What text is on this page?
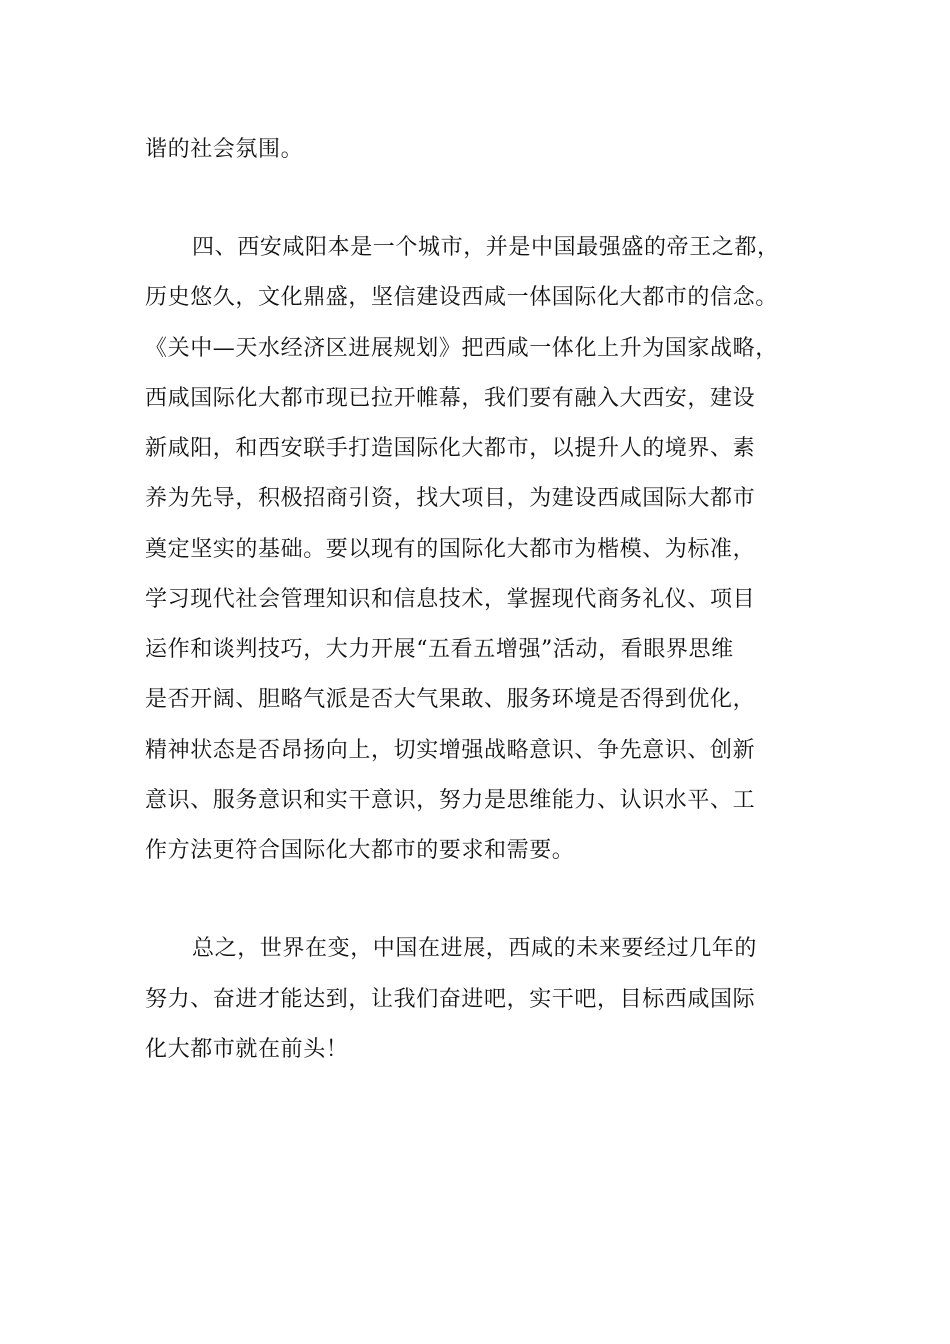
谐的社会氛围。
四、西安咸阳本是一个城市，并是中国最强盛的帝王之都，
历史悠久，文化鼎盛，坚信建设西咸一体国际化大都市的信念。
《关中—天水经济区进展规划》把西咸一体化上升为国家战略，
西咸国际化大都市现已拉开帷幕，我们要有融入大西安，建设
新咸阳，和西安联手打造国际化大都市，以提升人的境界、素
养为先导，积极招商引资，找大项目，为建设西咸国际大都市
奠定坚实的基础。要以现有的国际化大都市为楷模、为标准，
学习现代社会管理知识和信息技术，掌握现代商务礼仪、项目
运作和谈判技巧，大力开展“五看五增强”活动，看眼界思维
是否开阔、胆略气派是否大气果敢、服务环境是否得到优化，
精神状态是否昂扬向上，切实增强战略意识、争先意识、创新
意识、服务意识和实干意识，努力是思维能力、认识水平、工
作方法更符合国际化大都市的要求和需要。
总之，世界在变，中国在进展，西咸的未来要经过几年的
努力、奋进才能达到，让我们奋进吧，实干吧，目标西咸国际
化大都市就在前头！
